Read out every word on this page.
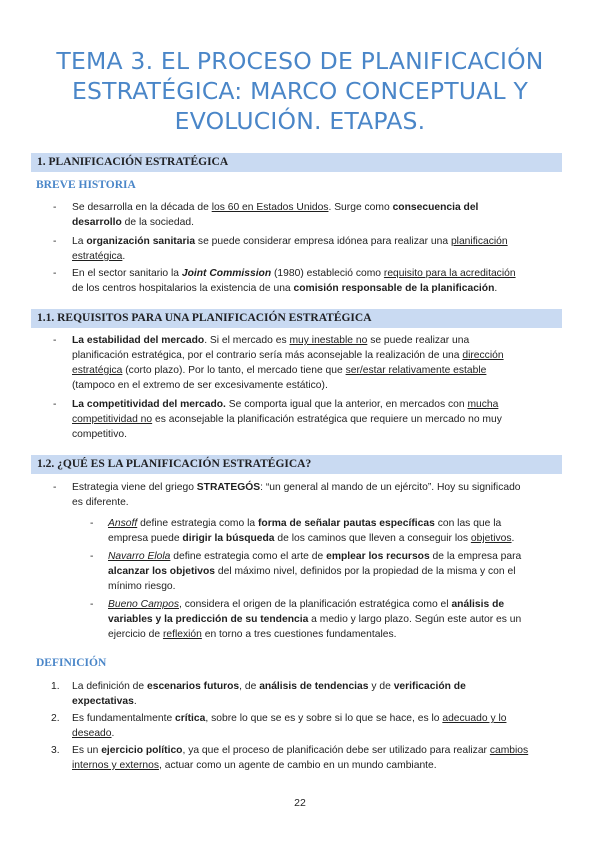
TEMA 3. EL PROCESO DE PLANIFICACIÓN
ESTRATÉGICA: MARCO CONCEPTUAL Y
EVOLUCIÓN. ETAPAS.
1. PLANIFICACIÓN ESTRATÉGICA
BREVE HISTORIA
- Se desarrolla en la década de los 60 en Estados Unidos. Surge como consecuencia del
desarrollo de la sociedad.
- La organización sanitaria se puede considerar empresa idónea para realizar una planificación
estratégica.
- En el sector sanitario la Joint Commission (1980) estableció como requisito para la acreditación
de los centros hospitalarios la existencia de una comisión responsable de la planificación.
1.1. REQUISITOS PARA UNA PLANIFICACIÓN ESTRATÉGICA
- La estabilidad del mercado. Si el mercado es muy inestable no se puede realizar una
planificación estratégica, por el contrario sería más aconsejable la realización de una dirección
estratégica (corto plazo). Por lo tanto, el mercado tiene que ser/estar relativamente estable
(tampoco en el extremo de ser excesivamente estático).
- La competitividad del mercado. Se comporta igual que la anterior, en mercados con mucha
competitividad no es aconsejable la planificación estratégica que requiere un mercado no muy
competitivo.
1.2. ¿QUÉ ES LA PLANIFICACIÓN ESTRATÉGICA?
- Estrategia viene del griego STRATEGÓS: “un general al mando de un ejército”. Hoy su significado
es diferente.
- Ansoff define estrategia como la forma de señalar pautas específicas con las que la
empresa puede dirigir la búsqueda de los caminos que lleven a conseguir los objetivos.
- Navarro Elola define estrategia como el arte de emplear los recursos de la empresa para
alcanzar los objetivos del máximo nivel, definidos por la propiedad de la misma y con el
mínimo riesgo.
- Bueno Campos, considera el origen de la planificación estratégica como el análisis de
variables y la predicción de su tendencia a medio y largo plazo. Según este autor es un
ejercicio de reflexión en torno a tres cuestiones fundamentales.
DEFINICIÓN
1. La definición de escenarios futuros, de análisis de tendencias y de verificación de
expectativas.
2. Es fundamentalmente crítica, sobre lo que se es y sobre si lo que se hace, es lo adecuado y lo
deseado.
3. Es un ejercicio político, ya que el proceso de planificación debe ser utilizado para realizar cambios
internos y externos, actuar como un agente de cambio en un mundo cambiante.
22
